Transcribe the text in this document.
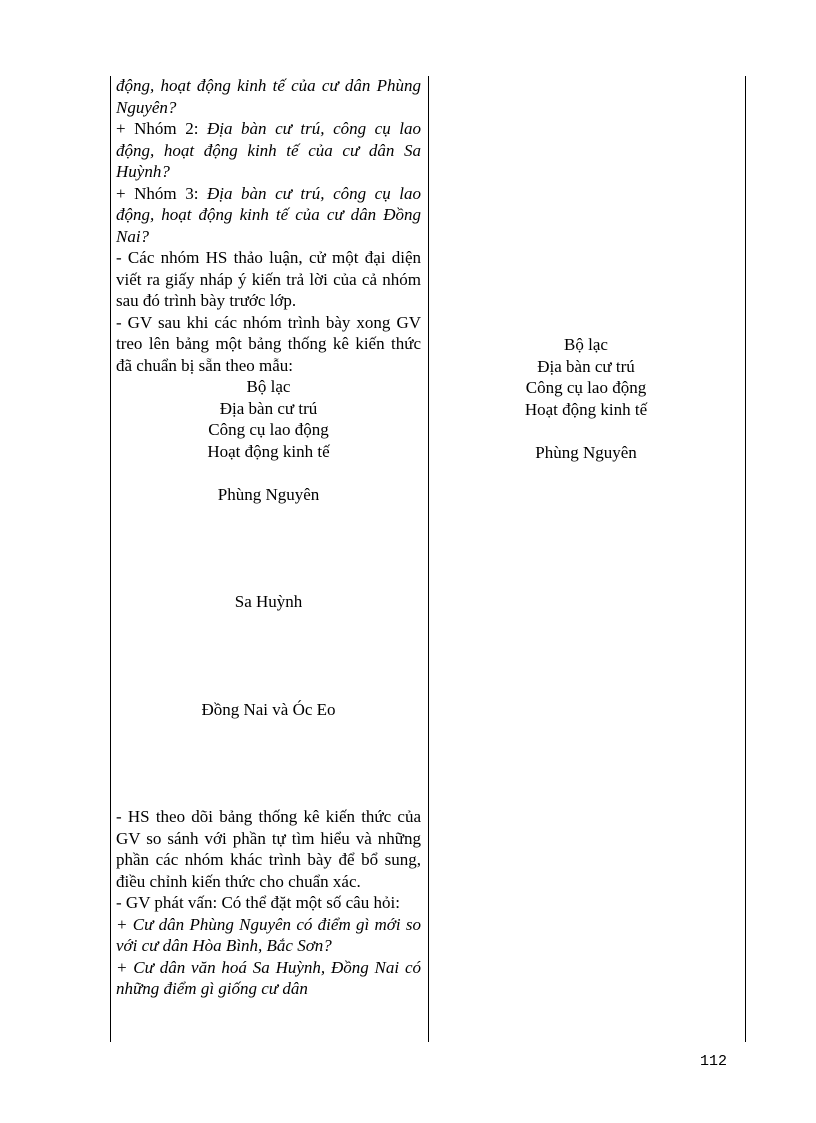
động, hoạt động kinh tế của cư dân Phùng Nguyên?

+ Nhóm 2: Địa bàn cư trú, công cụ lao động, hoạt động kinh tế của cư dân Sa Huỳnh?

+ Nhóm 3: Địa bàn cư trú, công cụ lao động, hoạt động kinh tế của cư dân Đồng Nai?

- Các nhóm HS thảo luận, cử một đại diện viết ra giấy nháp ý kiến trả lời của cả nhóm sau đó trình bày trước lớp.

- GV sau khi các nhóm trình bày xong GV treo lên bảng một bảng thống kê kiến thức đã chuẩn bị sẵn theo mẫu:

Bộ lạc
Địa bàn cư trú
Công cụ lao động
Hoạt động kinh tế
Phùng Nguyên
Sa Huỳnh
Đồng Nai và Óc Eo

- HS theo dõi bảng thống kê kiến thức của GV so sánh với phần tự tìm hiểu và những phần các nhóm khác trình bày để bổ sung, điều chỉnh kiến thức cho chuẩn xác.

- GV phát vấn: Có thể đặt một số câu hỏi:

+ Cư dân Phùng Nguyên có điểm gì mới so với cư dân Hòa Bình, Bắc Sơn?

+ Cư dân văn hoá Sa Huỳnh, Đồng Nai có những điểm gì giống cư dân

Bộ lạc
Địa bàn cư trú
Công cụ lao động
Hoạt động kinh tế
Phùng Nguyên
112
